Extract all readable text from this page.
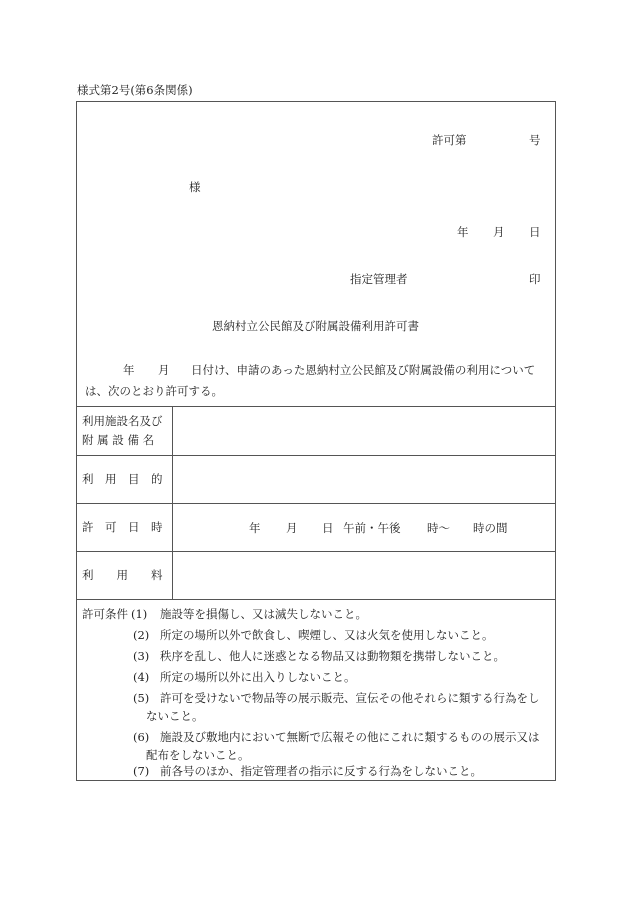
様式第2号(第6条関係)
許可第	号
様
年 月 日
指定管理者	印
恩納村立公民館及び附属設備利用許可書
年 月 日付け、申請のあった恩納村立公民館及び附属設備の利用について
は、次のとおり許可する。
利用施設名及び
附 属 設 備 名
利　用　目　的
許　可　日　時
利　　用　　料
年 月 日 午前・午後 時〜 時の間
許可条件 (1) 施設等を損傷し、又は滅失しないこと。
(2) 所定の場所以外で飲食し、喫煙し、又は火気を使用しないこと。
(3) 秩序を乱し、他人に迷惑となる物品又は動物類を携帯しないこと。
(4) 所定の場所以外に出入りしないこと。
(5) 許可を受けないで物品等の展示販売、宣伝その他それらに類する行為をし
ないこと。
(6) 施設及び敷地内において無断で広報その他にこれに類するものの展示又は
配布をしないこと。
(7) 前各号のほか、指定管理者の指示に反する行為をしないこと。
